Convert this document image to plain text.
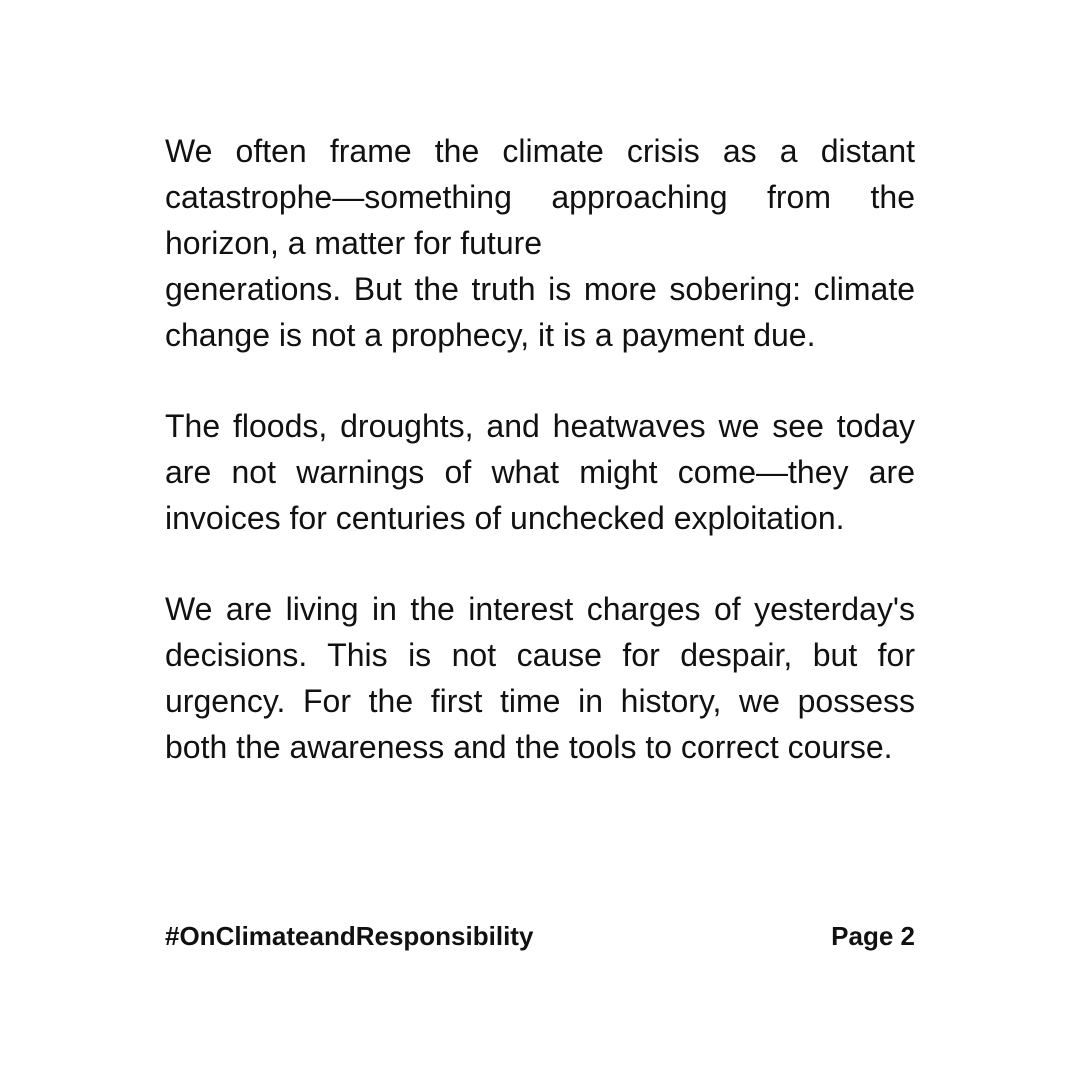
We often frame the climate crisis as a distant catastrophe—something approaching from the horizon, a matter for future
generations. But the truth is more sobering: climate change is not a prophecy, it is a payment due.

The floods, droughts, and heatwaves we see today are not warnings of what might come—they are invoices for centuries of unchecked exploitation.

We are living in the interest charges of yesterday's decisions. This is not cause for despair, but for urgency. For the first time in history, we possess both the awareness and the tools to correct course.

#OnClimateandResponsibility	Page 2
